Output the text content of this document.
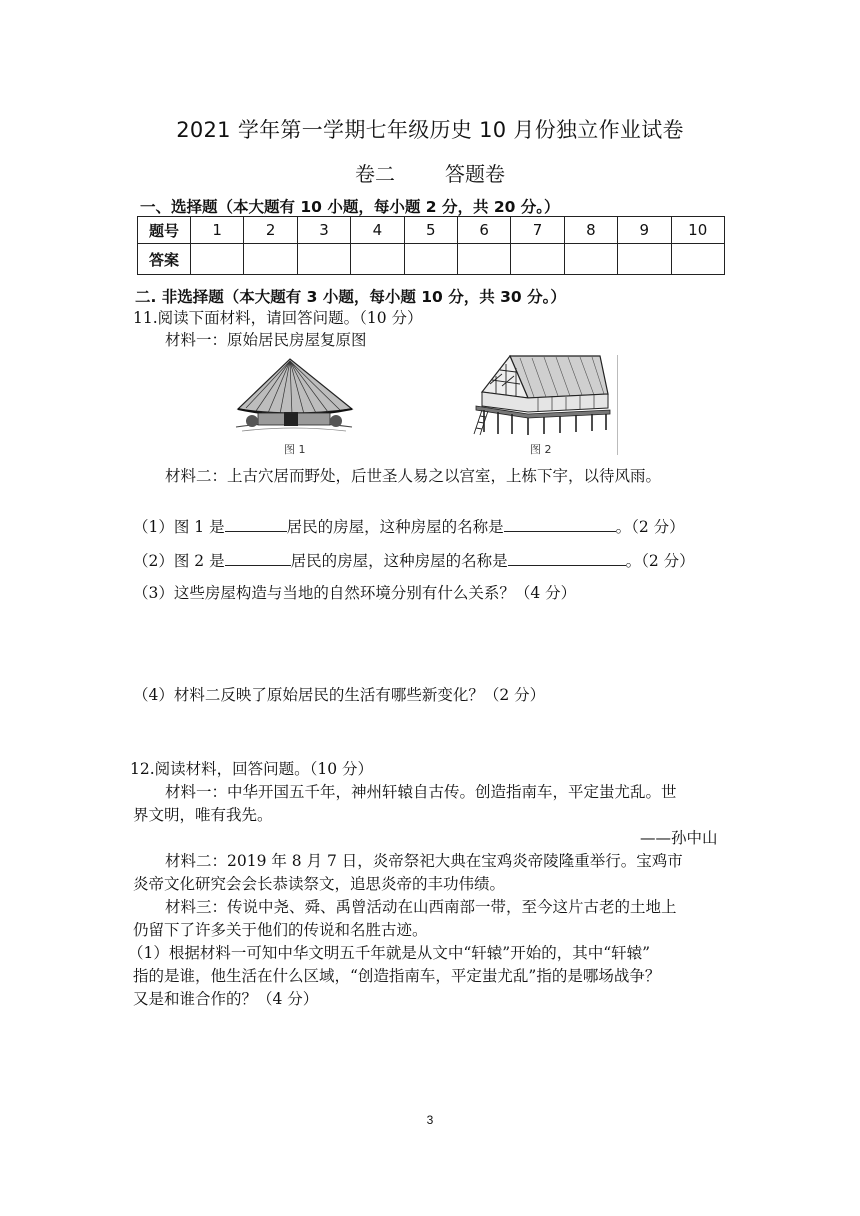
2021 学年第一学期七年级历史 10 月份独立作业试卷
卷二	答题卷
一、选择题（本大题有 10 小题，每小题 2 分，共 20 分。）
题号	1	2	3	4	5	6	7	8	9	10
答案										
二. 非选择题（本大题有 3 小题，每小题 10 分，共 30 分。）
11.阅读下面材料，请回答问题。（10 分）
材料一：原始居民房屋复原图
图 1	图 2
材料二：上古穴居而野处，后世圣人易之以宫室，上栋下宇，以待风雨。
（1）图 1 是	居民的房屋，这种房屋的名称是	。（2 分）
（2）图 2 是	居民的房屋，这种房屋的名称是	。（2 分）
（3）这些房屋构造与当地的自然环境分别有什么关系？（4 分）
（4）材料二反映了原始居民的生活有哪些新变化？（2 分）
12.阅读材料，回答问题。（10 分）
材料一：中华开国五千年，神州轩辕自古传。创造指南车，平定蚩尤乱。世
界文明，唯有我先。
——孙中山
材料二：2019 年 8 月 7 日，炎帝祭祀大典在宝鸡炎帝陵隆重举行。宝鸡市
炎帝文化研究会会长恭读祭文，追思炎帝的丰功伟绩。
材料三：传说中尧、舜、禹曾活动在山西南部一带，至今这片古老的土地上
仍留下了许多关于他们的传说和名胜古迹。
（1）根据材料一可知中华文明五千年就是从文中“轩辕”开始的，其中“轩辕”
指的是谁，他生活在什么区域，“创造指南车，平定蚩尤乱”指的是哪场战争？
又是和谁合作的？（4 分）
3
